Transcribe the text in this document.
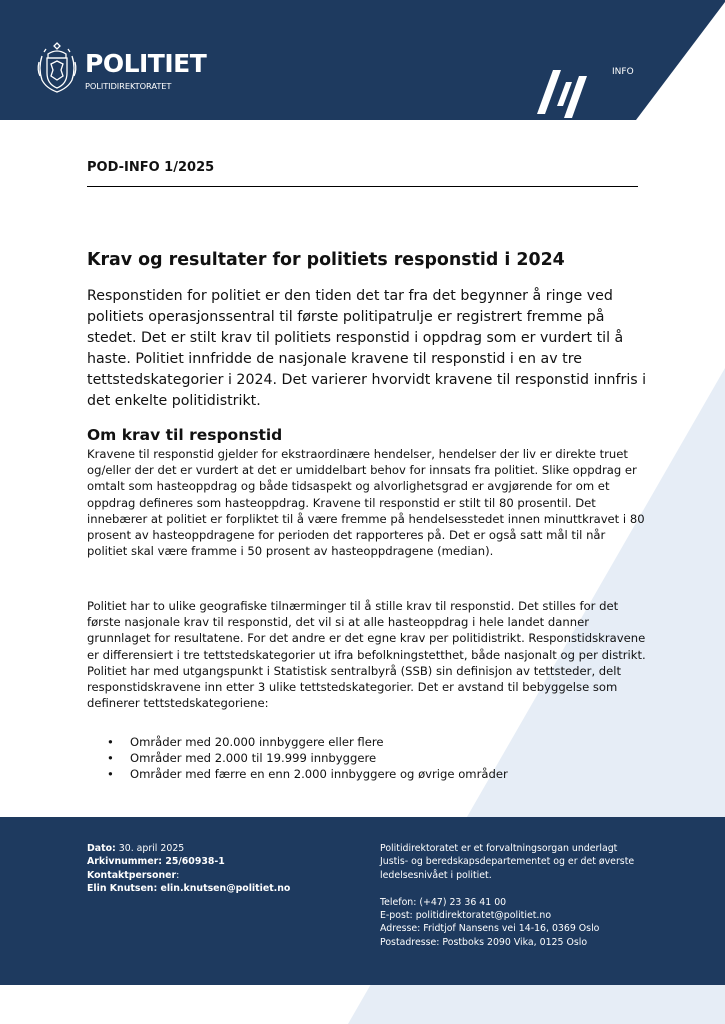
POLITIET
POLITIDIREKTORATET
INFO
POD-INFO 1/2025
Krav og resultater for politiets responstid i 2024

Responstiden for politiet er den tiden det tar fra det begynner å ringe ved politiets operasjonssentral til første politipatrulje er registrert fremme på stedet. Det er stilt krav til politiets responstid i oppdrag som er vurdert til å haste. Politiet innfridde de nasjonale kravene til responstid i en av tre tettstedskategorier i 2024. Det varierer hvorvidt kravene til responstid innfris i det enkelte politidistrikt.

Om krav til responstid

Kravene til responstid gjelder for ekstraordinære hendelser, hendelser der liv er direkte truet og/eller der det er vurdert at det er umiddelbart behov for innsats fra politiet. Slike oppdrag er omtalt som hasteoppdrag og både tidsaspekt og alvorlighetsgrad er avgjørende for om et oppdrag defineres som hasteoppdrag. Kravene til responstid er stilt til 80 prosentil. Det innebærer at politiet er forpliktet til å være fremme på hendelsesstedet innen minuttkravet i 80 prosent av hasteoppdragene for perioden det rapporteres på. Det er også satt mål til når politiet skal være framme i 50 prosent av hasteoppdragene (median).

Politiet har to ulike geografiske tilnærminger til å stille krav til responstid. Det stilles for det første nasjonale krav til responstid, det vil si at alle hasteoppdrag i hele landet danner grunnlaget for resultatene. For det andre er det egne krav per politidistrikt. Responstidskravene er differensiert i tre tettstedskategorier ut ifra befolkningstetthet, både nasjonalt og per distrikt. Politiet har med utgangspunkt i Statistisk sentralbyrå (SSB) sin definisjon av tettsteder, delt responstidskravene inn etter 3 ulike tettstedskategorier. Det er avstand til bebyggelse som definerer tettstedskategoriene:

• Områder med 20.000 innbyggere eller flere
• Områder med 2.000 til 19.999 innbyggere
• Områder med færre en enn 2.000 innbyggere og øvrige områder
Dato: 30. april 2025
Arkivnummer: 25/60938-1
Kontaktpersoner:
Elin Knutsen: elin.knutsen@politiet.no
Politidirektoratet er et forvaltningsorgan underlagt
Justis- og beredskapsdepartementet og er det øverste
ledelsesnivået i politiet.
Telefon: (+47) 23 36 41 00
E-post: politidirektoratet@politiet.no
Adresse: Fridtjof Nansens vei 14-16, 0369 Oslo
Postadresse: Postboks 2090 Vika, 0125 Oslo
